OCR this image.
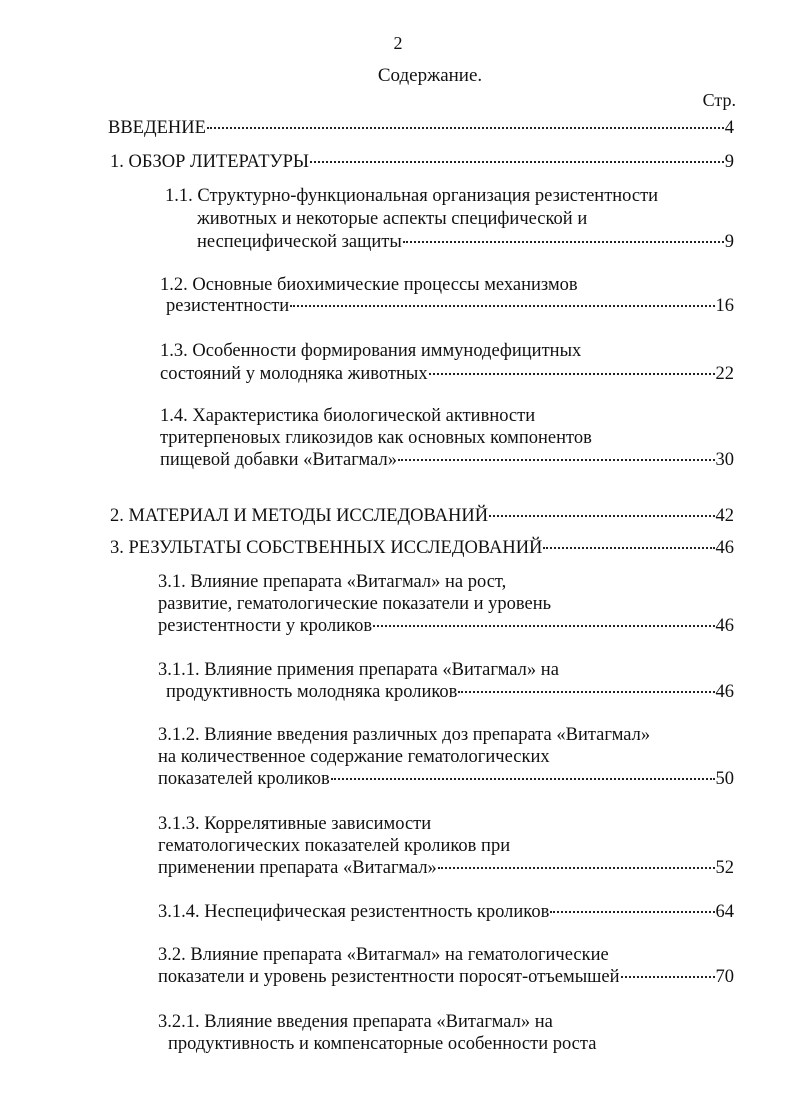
2
Содержание.
Стр.
ВВЕДЕНИЕ	4
1. ОБЗОР ЛИТЕРАТУРЫ	9
1.1. Структурно-функциональная организация резистентности
животных и некоторые аспекты специфической и
неспецифической защиты	9
1.2. Основные биохимические процессы механизмов
резистентности	16
1.3. Особенности формирования иммунодефицитных
состояний у молодняка животных	22
1.4. Характеристика биологической активности
тритерпеновых гликозидов как основных компонентов
пищевой добавки «Витагмал»	30
2. МАТЕРИАЛ И МЕТОДЫ ИССЛЕДОВАНИЙ	42
3. РЕЗУЛЬТАТЫ СОБСТВЕННЫХ ИССЛЕДОВАНИЙ	46
3.1. Влияние препарата «Витагмал» на рост,
развитие, гематологические показатели и уровень
резистентности у кроликов	46
3.1.1. Влияние примения препарата «Витагмал» на
продуктивность молодняка кроликов	46
3.1.2. Влияние введения различных доз препарата «Витагмал»
на количественное содержание гематологических
показателей кроликов	50
3.1.3. Коррелятивные зависимости
гематологических показателей кроликов при
применении препарата «Витагмал»	52
3.1.4. Неспецифическая резистентность кроликов	64
3.2. Влияние препарата «Витагмал» на гематологические
показатели и уровень резистентности поросят-отъемышей	70
3.2.1. Влияние введения препарата «Витагмал» на
продуктивность и компенсаторные особенности роста
